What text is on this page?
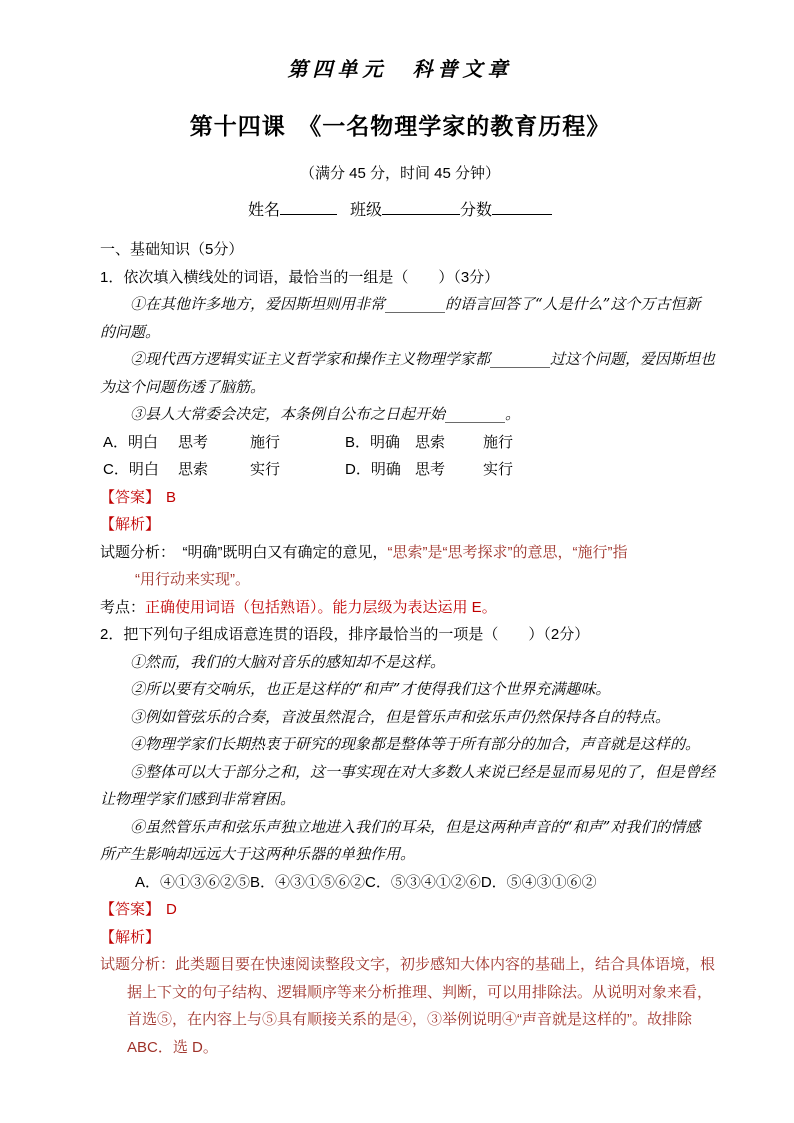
第四单元　科普文章
第十四课　《一名物理学家的教育历程》
（满分 45 分，时间 45 分钟）
姓名	班级	分数
一、基础知识（5分）
1．依次填入横线处的词语，最恰当的一组是（　　）（3分）
①在其他许多地方，爱因斯坦则用非常________的语言回答了“人是什么”这个万古恒新
的问题。
②现代西方逻辑实证主义哲学家和操作主义物理学家都________过这个问题，爱因斯坦也
为这个问题伤透了脑筋。
③县人大常委会决定，本条例自公布之日起开始________。
A．明白	思考	施行	B．明确 思索	施行
C．明白	思索	实行	D．明确 思考	实行
【答案】 B
【解析】
试题分析：　“明确”既明白又有确定的意见，“思索”是“思考探求”的意思，“施行”指
“用行动来实现”。
考点：正确使用词语（包括熟语）。能力层级为表达运用 E。
2．把下列句子组成语意连贯的语段，排序最恰当的一项是（　　）（2分）
①然而，我们的大脑对音乐的感知却不是这样。
②所以要有交响乐，也正是这样的“和声”才使得我们这个世界充满趣味。
③例如管弦乐的合奏，音波虽然混合，但是管乐声和弦乐声仍然保持各自的特点。
④物理学家们长期热衷于研究的现象都是整体等于所有部分的加合，声音就是这样的。
⑤整体可以大于部分之和，这一事实现在对大多数人来说已经是显而易见的了，但是曾经
让物理学家们感到非常窘困。
⑥虽然管乐声和弦乐声独立地进入我们的耳朵，但是这两种声音的“和声”对我们的情感
所产生影响却远远大于这两种乐器的单独作用。
A．④①③⑥②⑤B．④③①⑤⑥②C．⑤③④①②⑥D．⑤④③①⑥②
【答案】 D
【解析】
试题分析：此类题目要在快速阅读整段文字，初步感知大体内容的基础上，结合具体语境，根
据上下文的句子结构、逻辑顺序等来分析推理、判断，可以用排除法。从说明对象来看，
首选⑤，在内容上与⑤具有顺接关系的是④，③举例说明④“声音就是这样的”。故排除
ABC．选 D。
